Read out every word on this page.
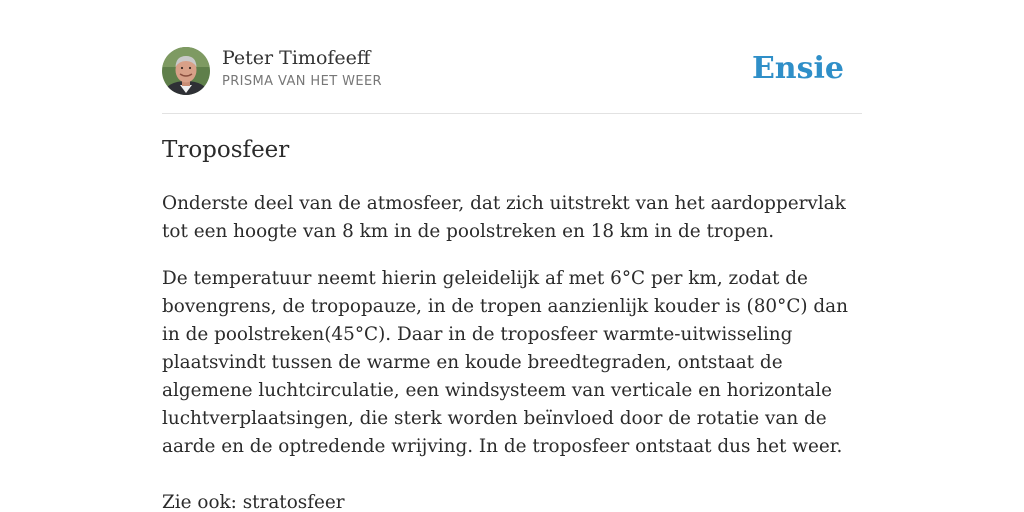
Peter Timofeeff
PRISMA VAN HET WEER	Ensie
Troposfeer

Onderste deel van de atmosfeer, dat zich uitstrekt van het aardoppervlak tot een hoogte van 8 km in de poolstreken en 18 km in de tropen.

De temperatuur neemt hierin geleidelijk af met 6°C per km, zodat de bovengrens, de tropopauze, in de tropen aanzienlijk kouder is (80°C) dan in de poolstreken(45°C). Daar in de troposfeer warmte-uitwisseling plaatsvindt tussen de warme en koude breedtegraden, ontstaat de algemene luchtcirculatie, een windsysteem van verticale en horizontale luchtverplaatsingen, die sterk worden beïnvloed door de rotatie van de aarde en de optredende wrijving. In de troposfeer ontstaat dus het weer.

Zie ook: stratosfeer
